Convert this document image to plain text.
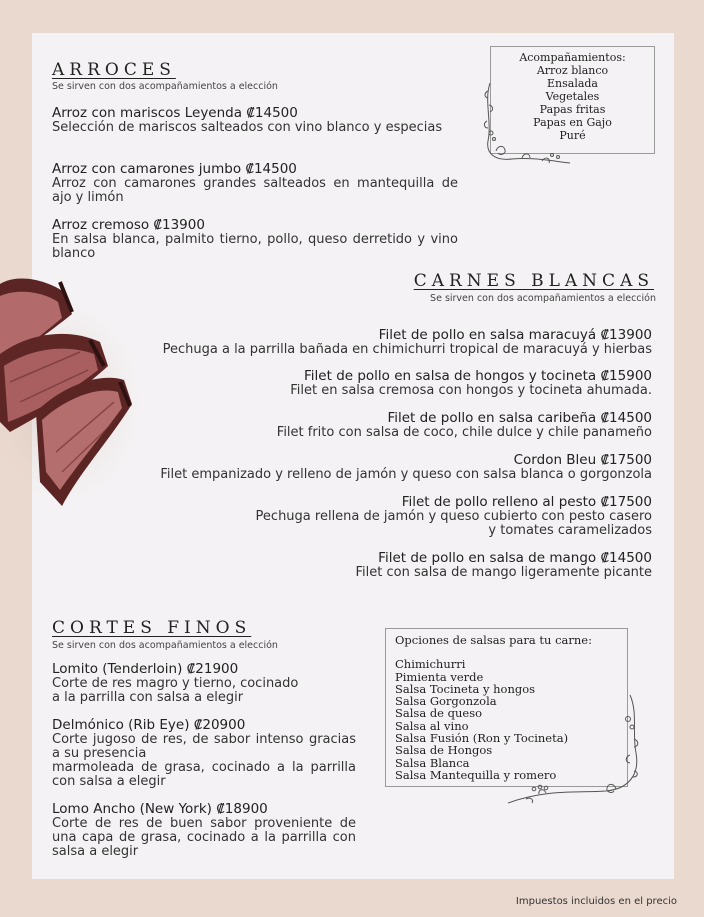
ARROCES
Se sirven con dos acompañamientos a elección
Arroz con mariscos Leyenda ₡14500
Selección de mariscos salteados con vino blanco y especias
Arroz con camarones jumbo ₡14500
Arroz con camarones grandes salteados en mantequilla de ajo y limón
Arroz cremoso ₡13900
En salsa blanca, palmito tierno, pollo, queso derretido y vino blanco
Acompañamientos:
Arroz blanco
Ensalada
Vegetales
Papas fritas
Papas en Gajo
Puré
CARNES BLANCAS
Se sirven con dos acompañamientos a elección
Filet de pollo en salsa maracuyá ₡13900
Pechuga a la parrilla bañada en chimichurri tropical de maracuyá y hierbas
Filet de pollo en salsa de hongos y tocineta ₡15900
Filet en salsa cremosa con hongos y tocineta ahumada.
Filet de pollo en salsa caribeña ₡14500
Filet frito con salsa de coco, chile dulce y chile panameño
Cordon Bleu ₡17500
Filet empanizado y relleno de jamón y queso con salsa blanca o gorgonzola
Filet de pollo relleno al pesto ₡17500
Pechuga rellena de jamón y queso cubierto con pesto casero
y tomates caramelizados
Filet de pollo en salsa de mango ₡14500
Filet con salsa de mango ligeramente picante
CORTES FINOS
Se sirven con dos acompañamientos a elección
Lomito (Tenderloin) ₡21900
Corte de res magro y tierno, cocinado
a la parrilla con salsa a elegir
Delmónico (Rib Eye) ₡20900
Corte jugoso de res, de sabor intenso gracias a su presencia
marmoleada de grasa, cocinado a la parrilla con salsa a elegir
Lomo Ancho (New York) ₡18900
Corte de res de buen sabor proveniente de una capa de grasa, cocinado a la parrilla con salsa a elegir
Opciones de salsas para tu carne:
Chimichurri
Pimienta verde
Salsa Tocineta y hongos
Salsa Gorgonzola
Salsa de queso
Salsa al vino
Salsa Fusión (Ron y Tocineta)
Salsa de Hongos
Salsa Blanca
Salsa Mantequilla y romero
Impuestos incluidos en el precio
